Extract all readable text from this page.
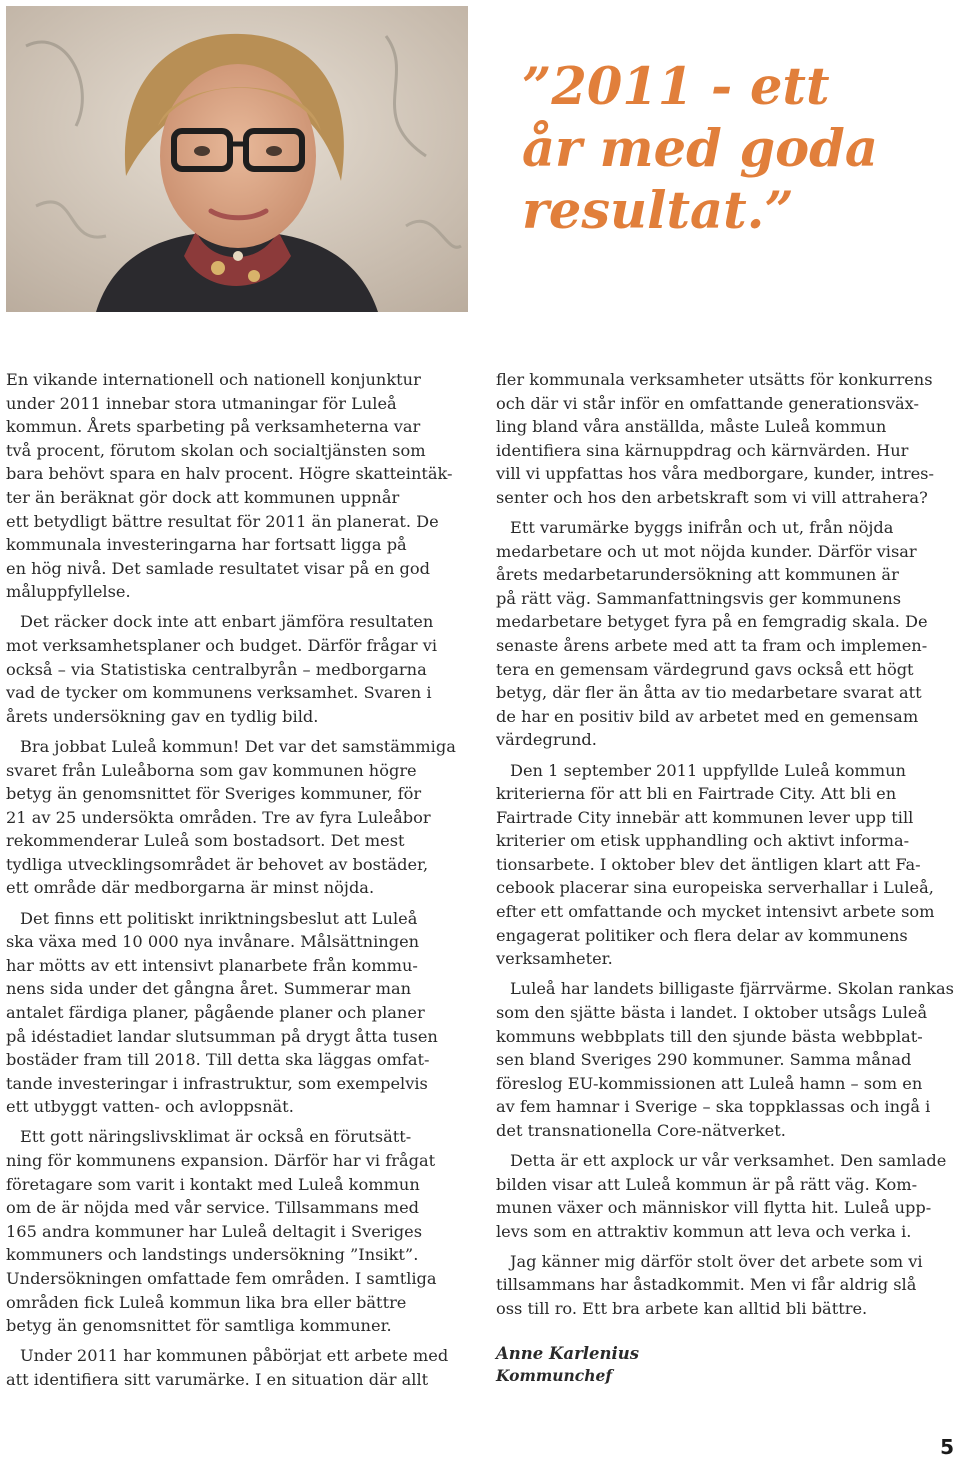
”2011 - ett
år med goda
resultat.”

En vikande internationell och nationell konjunktur
under 2011 innebar stora utmaningar för Luleå
kommun. Årets sparbeting på verksamheterna var
två procent, förutom skolan och socialtjänsten som
bara behövt spara en halv procent. Högre skatteintäk-
ter än beräknat gör dock att kommunen uppnår
ett betydligt bättre resultat för 2011 än planerat. De
kommunala investeringarna har fortsatt ligga på
en hög nivå. Det samlade resultatet visar på en god
måluppfyllelse.

Det räcker dock inte att enbart jämföra resultaten
mot verksamhetsplaner och budget. Därför frågar vi
också – via Statistiska centralbyrån – medborgarna
vad de tycker om kommunens verksamhet. Svaren i
årets undersökning gav en tydlig bild.

Bra jobbat Luleå kommun! Det var det samstämmiga
svaret från Luleåborna som gav kommunen högre
betyg än genomsnittet för Sveriges kommuner, för
21 av 25 undersökta områden. Tre av fyra Luleåbor
rekommenderar Luleå som bostadsort. Det mest
tydliga utvecklingsområdet är behovet av bostäder,
ett område där medborgarna är minst nöjda.

Det finns ett politiskt inriktningsbeslut att Luleå
ska växa med 10 000 nya invånare. Målsättningen
har mötts av ett intensivt planarbete från kommu-
nens sida under det gångna året. Summerar man
antalet färdiga planer, pågående planer och planer
på idéstadiet landar slutsumman på drygt åtta tusen
bostäder fram till 2018. Till detta ska läggas omfat-
tande investeringar i infrastruktur, som exempelvis
ett utbyggt vatten- och avloppsnät.

Ett gott näringslivsklimat är också en förutsätt-
ning för kommunens expansion. Därför har vi frågat
företagare som varit i kontakt med Luleå kommun
om de är nöjda med vår service. Tillsammans med
165 andra kommuner har Luleå deltagit i Sveriges
kommuners och landstings undersökning ”Insikt”.
Undersökningen omfattade fem områden. I samtliga
områden fick Luleå kommun lika bra eller bättre
betyg än genomsnittet för samtliga kommuner.

Under 2011 har kommunen påbörjat ett arbete med
att identifiera sitt varumärke. I en situation där allt

fler kommunala verksamheter utsätts för konkurrens
och där vi står inför en omfattande generationsväx-
ling bland våra anställda, måste Luleå kommun
identifiera sina kärnuppdrag och kärnvärden. Hur
vill vi uppfattas hos våra medborgare, kunder, intres-
senter och hos den arbetskraft som vi vill attrahera?

Ett varumärke byggs inifrån och ut, från nöjda
medarbetare och ut mot nöjda kunder. Därför visar
årets medarbetarundersökning att kommunen är
på rätt väg. Sammanfattningsvis ger kommunens
medarbetare betyget fyra på en femgradig skala. De
senaste årens arbete med att ta fram och implemen-
tera en gemensam värdegrund gavs också ett högt
betyg, där fler än åtta av tio medarbetare svarat att
de har en positiv bild av arbetet med en gemensam
värdegrund.

Den 1 september 2011 uppfyllde Luleå kommun
kriterierna för att bli en Fairtrade City. Att bli en
Fairtrade City innebär att kommunen lever upp till
kriterier om etisk upphandling och aktivt informa-
tionsarbete. I oktober blev det äntligen klart att Fa-
cebook placerar sina europeiska serverhallar i Luleå,
efter ett omfattande och mycket intensivt arbete som
engagerat politiker och flera delar av kommunens
verksamheter.

Luleå har landets billigaste fjärrvärme. Skolan rankas
som den sjätte bästa i landet. I oktober utsågs Luleå
kommuns webbplats till den sjunde bästa webbplat-
sen bland Sveriges 290 kommuner. Samma månad
föreslog EU-kommissionen att Luleå hamn – som en
av fem hamnar i Sverige – ska toppklassas och ingå i
det transnationella Core-nätverket.

Detta är ett axplock ur vår verksamhet. Den samlade
bilden visar att Luleå kommun är på rätt väg. Kom-
munen växer och människor vill flytta hit. Luleå upp-
levs som en attraktiv kommun att leva och verka i.

Jag känner mig därför stolt över det arbete som vi
tillsammans har åstadkommit. Men vi får aldrig slå
oss till ro. Ett bra arbete kan alltid bli bättre.

Anne Karlenius
Kommunchef
5
